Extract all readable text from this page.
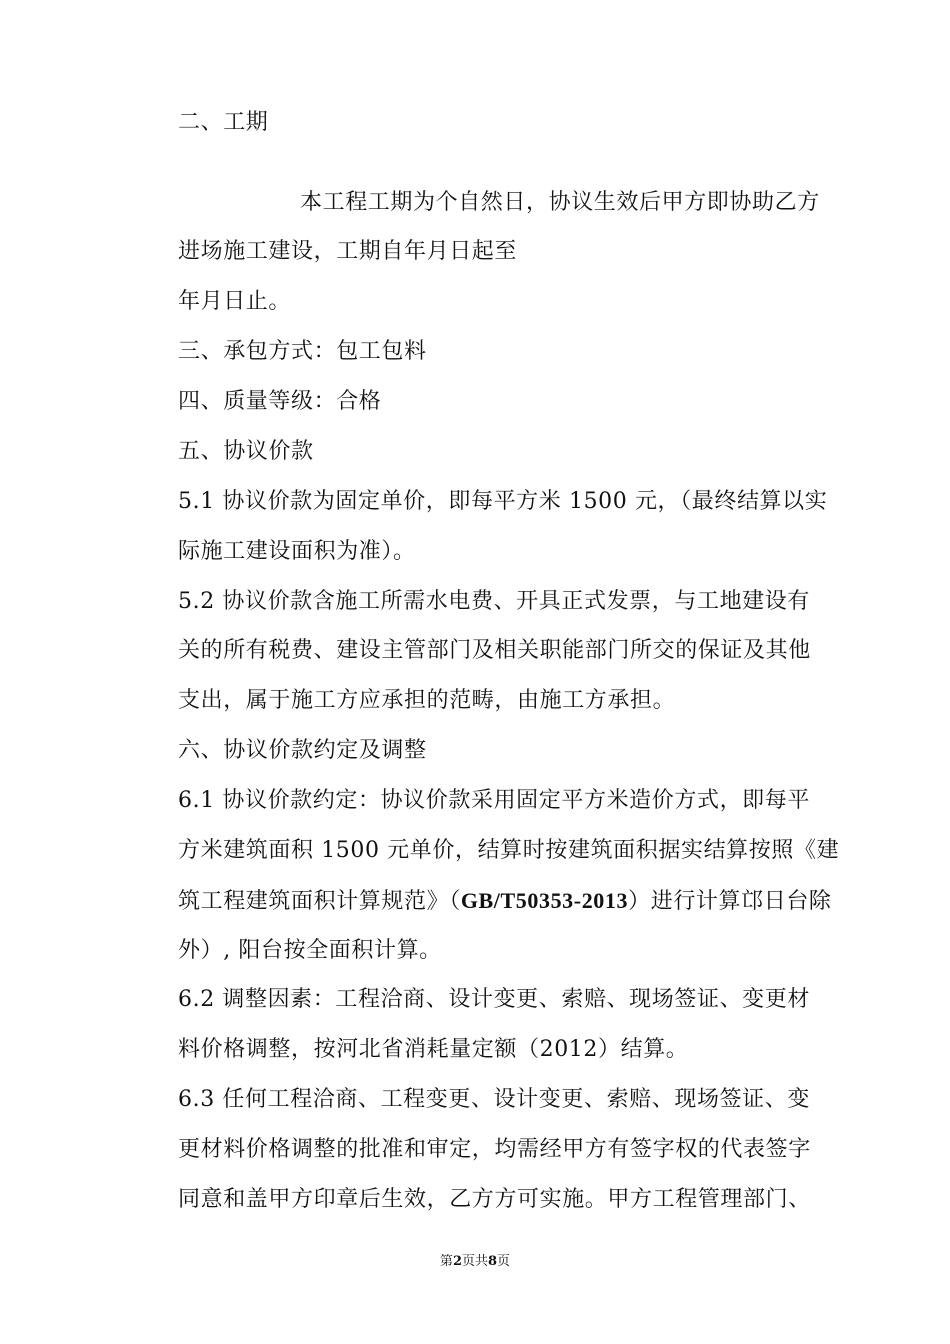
二、工期
本工程工期为个自然日，协议生效后甲方即协助乙方
进场施工建设，工期自年月日起至
年月日止。
三、承包方式：包工包料
四、质量等级：合格
五、协议价款
5.1 协议价款为固定单价，即每平方米 1500 元，（最终结算以实
际施工建设面积为准）。
5.2 协议价款含施工所需水电费、开具正式发票，与工地建设有
关的所有税费、建设主管部门及相关职能部门所交的保证及其他
支出，属于施工方应承担的范畴，由施工方承担。
六、协议价款约定及调整
6.1 协议价款约定：协议价款采用固定平方米造价方式，即每平
方米建筑面积 1500 元单价，结算时按建筑面积据实结算按照《建
筑工程建筑面积计算规范》（GB/T50353-2013）进行计算邙日台除
外）, 阳台按全面积计算。
6.2 调整因素：工程洽商、设计变更、索赔、现场签证、变更材
料价格调整，按河北省消耗量定额（2012）结算。
6.3 任何工程洽商、工程变更、设计变更、索赔、现场签证、变
更材料价格调整的批准和审定，均需经甲方有签字权的代表签字
同意和盖甲方印章后生效，乙方方可实施。甲方工程管理部门、
第2页共8页
